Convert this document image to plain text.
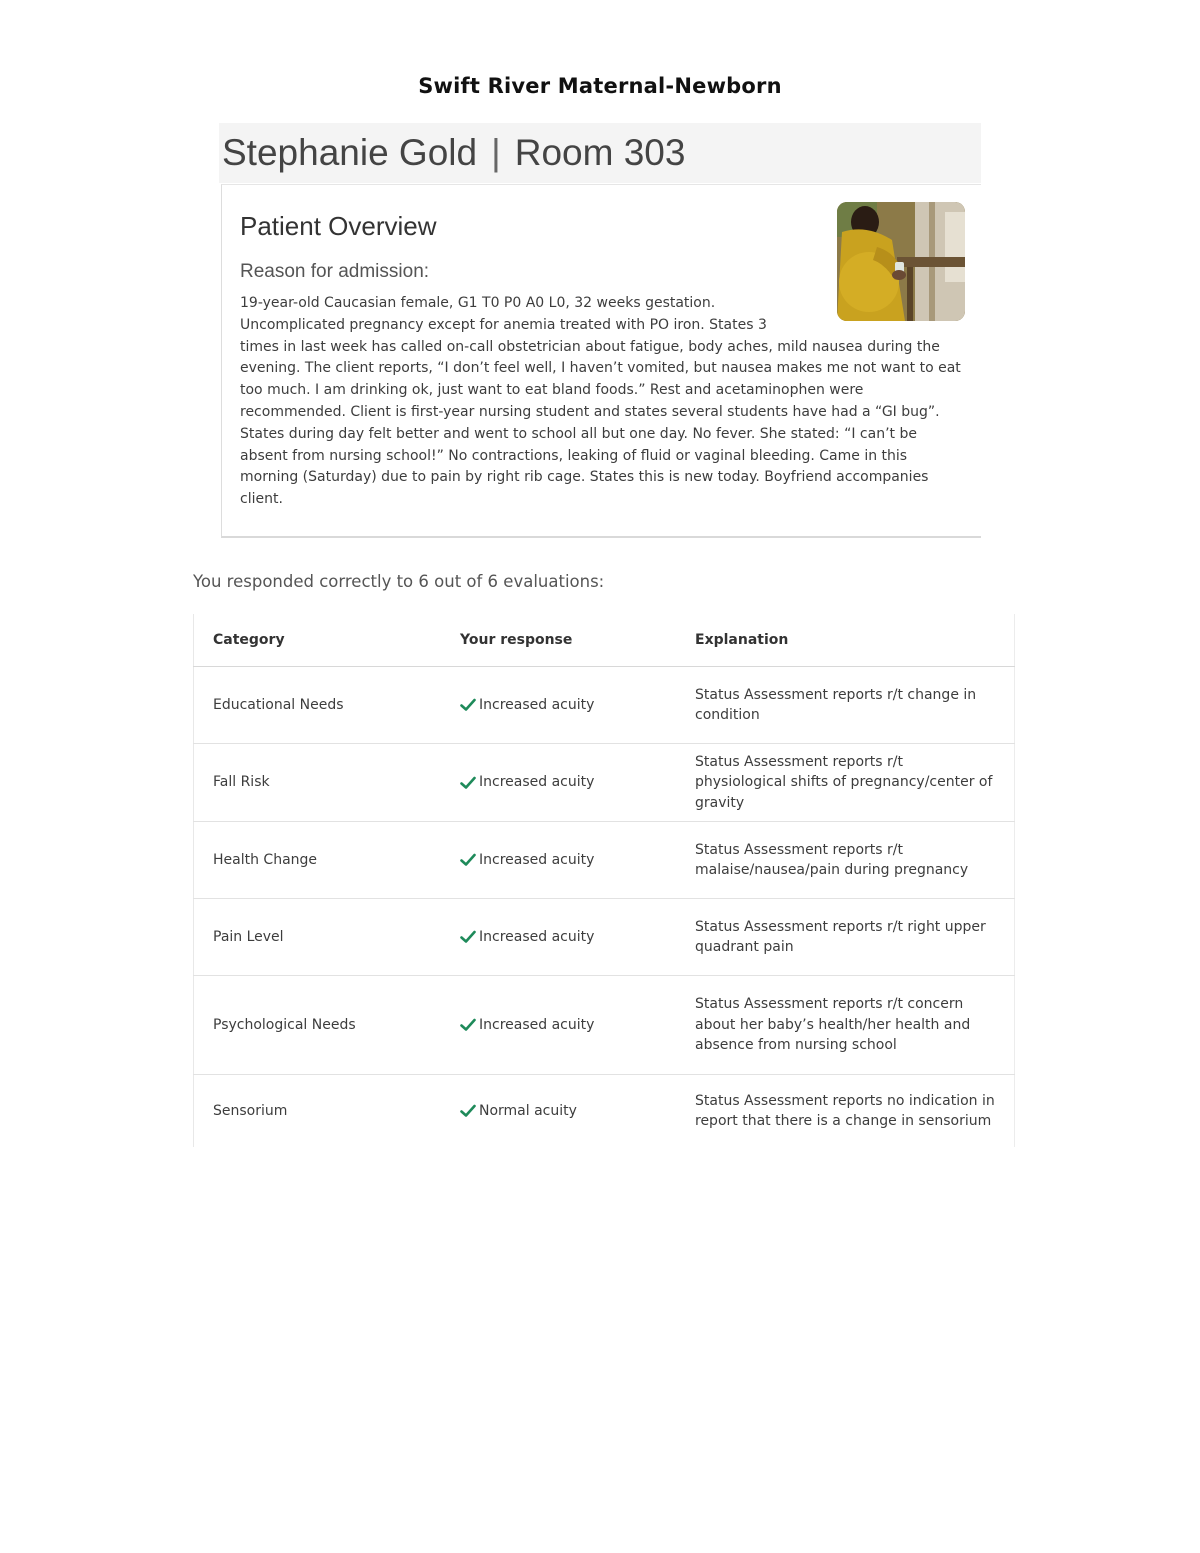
Swift River Maternal-Newborn
Stephanie Gold | Room 303
Patient Overview
Reason for admission:

19-year-old Caucasian female, G1 T0 P0 A0 L0, 32 weeks gestation. Uncomplicated pregnancy except for anemia treated with PO iron. States 3 times in last week has called on-call obstetrician about fatigue, body aches, mild nausea during the evening. The client reports, “I don’t feel well, I haven’t vomited, but nausea makes me not want to eat too much. I am drinking ok, just want to eat bland foods.” Rest and acetaminophen were recommended. Client is first-year nursing student and states several students have had a “GI bug”. States during day felt better and went to school all but one day. No fever. She stated: “I can’t be absent from nursing school!” No contractions, leaking of fluid or vaginal bleeding. Came in this morning (Saturday) due to pain by right rib cage. States this is new today. Boyfriend accompanies client.

You responded correctly to 6 out of 6 evaluations:
Category	Your response	Explanation
Educational Needs	Increased acuity	Status Assessment reports r/t change in condition

Fall Risk	Increased acuity	Status Assessment reports r/t physiological shifts of pregnancy/center of gravity

Health Change	Increased acuity	Status Assessment reports r/t malaise/nausea/pain during pregnancy

Pain Level	Increased acuity	Status Assessment reports r/t right upper quadrant pain

Psychological Needs	Increased acuity	Status Assessment reports r/t concern about her baby’s health/her health and absence from nursing school

Sensorium	Normal acuity	Status Assessment reports no indication in report that there is a change in sensorium
